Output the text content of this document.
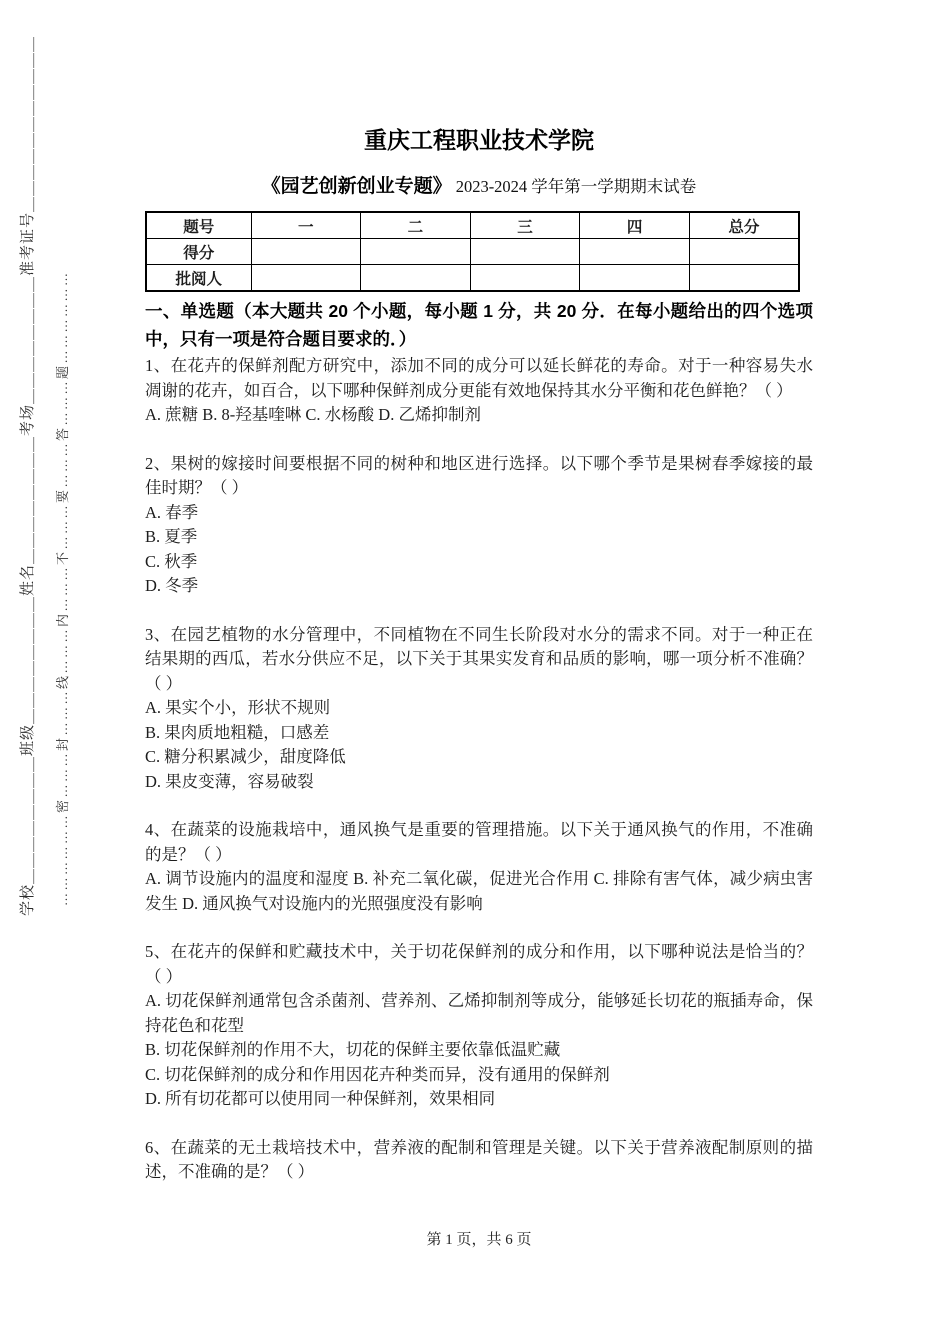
学校＿＿＿＿＿＿＿＿班级＿＿＿＿＿＿＿＿姓名＿＿＿＿＿＿＿＿考场＿＿＿＿＿＿＿＿准考证号＿＿＿＿＿＿＿＿＿＿＿ ………………密………封………线………内………不………要………答………题………………
重庆工程职业技术学院
《园艺创新创业专题》 2023-2024 学年第一学期期末试卷
题号	一	二	三	四	总分
得分					
批阅人					

一、单选题（本大题共 20 个小题，每小题 1 分，共 20 分．在每小题给出的四个选项中，只有一项是符合题目要求的．）

1、在花卉的保鲜剂配方研究中，添加不同的成分可以延长鲜花的寿命。对于一种容易失水凋谢的花卉，如百合，以下哪种保鲜剂成分更能有效地保持其水分平衡和花色鲜艳？（ ）

A. 蔗糖 B. 8-羟基喹啉 C. 水杨酸 D. 乙烯抑制剂

2、果树的嫁接时间要根据不同的树种和地区进行选择。以下哪个季节是果树春季嫁接的最佳时期？（ ）

A. 春季

B. 夏季

C. 秋季

D. 冬季

3、在园艺植物的水分管理中，不同植物在不同生长阶段对水分的需求不同。对于一种正在结果期的西瓜，若水分供应不足，以下关于其果实发育和品质的影响，哪一项分析不准确？（ ）

A. 果实个小，形状不规则

B. 果肉质地粗糙，口感差

C. 糖分积累减少，甜度降低

D. 果皮变薄，容易破裂

4、在蔬菜的设施栽培中，通风换气是重要的管理措施。以下关于通风换气的作用，不准确的是？（ ）

A. 调节设施内的温度和湿度 B. 补充二氧化碳，促进光合作用 C. 排除有害气体，减少病虫害发生 D. 通风换气对设施内的光照强度没有影响

5、在花卉的保鲜和贮藏技术中，关于切花保鲜剂的成分和作用，以下哪种说法是恰当的？（ ）

A. 切花保鲜剂通常包含杀菌剂、营养剂、乙烯抑制剂等成分，能够延长切花的瓶插寿命，保持花色和花型

B. 切花保鲜剂的作用不大，切花的保鲜主要依靠低温贮藏

C. 切花保鲜剂的成分和作用因花卉种类而异，没有通用的保鲜剂

D. 所有切花都可以使用同一种保鲜剂，效果相同

6、在蔬菜的无土栽培技术中，营养液的配制和管理是关键。以下关于营养液配制原则的描述，不准确的是？（ ）

第 1 页，共 6 页
